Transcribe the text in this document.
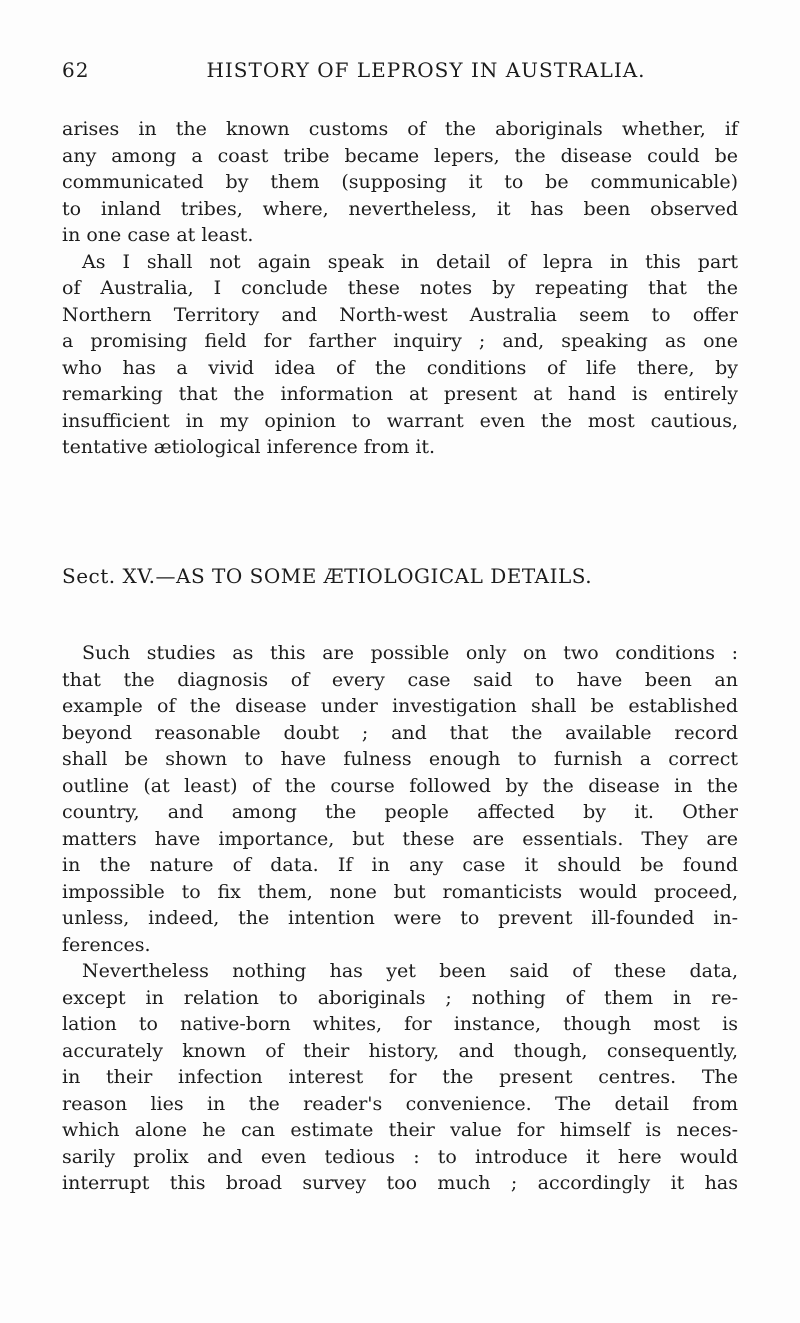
62	HISTORY OF LEPROSY IN AUSTRALIA.
arises in the known customs of the aboriginals whether, if
any among a coast tribe became lepers, the disease could be
communicated by them (supposing it to be communicable)
to inland tribes, where, nevertheless, it has been observed
in one case at least.
As I shall not again speak in detail of lepra in this part
of Australia, I conclude these notes by repeating that the
Northern Territory and North-west Australia seem to offer
a promising field for farther inquiry ; and, speaking as one
who has a vivid idea of the conditions of life there, by
remarking that the information at present at hand is entirely
insufficient in my opinion to warrant even the most cautious,
tentative ætiological inference from it.
Sect. XV.—AS TO SOME ÆTIOLOGICAL DETAILS.
Such studies as this are possible only on two conditions :
that the diagnosis of every case said to have been an
example of the disease under investigation shall be established
beyond reasonable doubt ; and that the available record
shall be shown to have fulness enough to furnish a correct
outline (at least) of the course followed by the disease in the
country, and among the people affected by it. Other
matters have importance, but these are essentials. They are
in the nature of data. If in any case it should be found
impossible to fix them, none but romanticists would proceed,
unless, indeed, the intention were to prevent ill-founded in-
ferences.
Nevertheless nothing has yet been said of these data,
except in relation to aboriginals ; nothing of them in re-
lation to native-born whites, for instance, though most is
accurately known of their history, and though, consequently,
in their infection interest for the present centres. The
reason lies in the reader's convenience. The detail from
which alone he can estimate their value for himself is neces-
sarily prolix and even tedious : to introduce it here would
interrupt this broad survey too much ; accordingly it has
